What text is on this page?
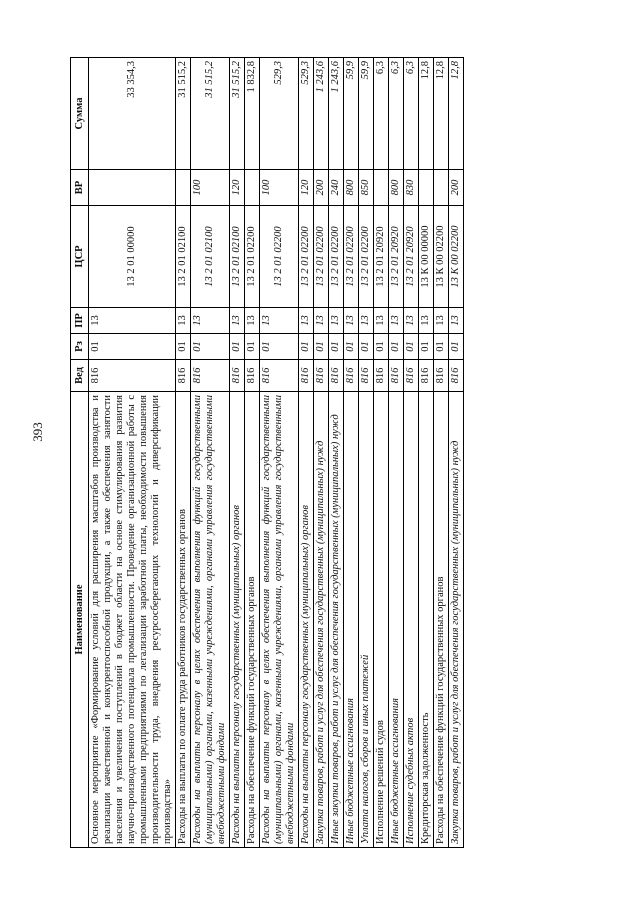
393
Наименование	Вед	Рз	ПР	ЦСР	ВР	Сумма
Основное мероприятие «Формирование условий для расширения масштабов производства и реализации качественной и конкурентоспособной продукции, а также обеспечения занятости населения и увеличения поступлений в бюджет области на основе стимулирования развития научно-производственного потенциала промышленности. Проведение организационной работы с промышленными предприятиями по легализации заработной платы, необходимости повышения производительности труда, внедрения ресурсосберегающих технологий и диверсификации производства»	816	01	13	13 2 01 00000		33 354,3
Расходы на выплаты по оплате труда работников государственных органов	816	01	13	13 2 01 02100		31 515,2
Расходы на выплаты персоналу в целях обеспечения выполнения функций государственными (муниципальными) органами, казенными учреждениями, органами управления государственными внебюджетными фондами	816	01	13	13 2 01 02100	100	31 515,2
Расходы на выплаты персоналу государственных (муниципальных) органов	816	01	13	13 2 01 02100	120	31 515,2
Расходы на обеспечение функций государственных органов	816	01	13	13 2 01 02200		1 832,8
Расходы на выплаты персоналу в целях обеспечения выполнения функций государственными (муниципальными) органами, казенными учреждениями, органами управления государственными внебюджетными фондами	816	01	13	13 2 01 02200	100	529,3
Расходы на выплаты персоналу государственных (муниципальных) органов	816	01	13	13 2 01 02200	120	529,3
Закупка товаров, работ и услуг для обеспечения государственных (муниципальных) нужд	816	01	13	13 2 01 02200	200	1 243,6
Иные закупки товаров, работ и услуг для обеспечения государственных (муниципальных) нужд	816	01	13	13 2 01 02200	240	1 243,6
Иные бюджетные ассигнования	816	01	13	13 2 01 02200	800	59,9
Уплата налогов, сборов и иных платежей	816	01	13	13 2 01 02200	850	59,9
Исполнение решений судов	816	01	13	13 2 01 20920		6,3
Иные бюджетные ассигнования	816	01	13	13 2 01 20920	800	6,3
Исполнение судебных актов	816	01	13	13 2 01 20920	830	6,3
Кредиторская задолженность	816	01	13	13 К 00 00000		12,8
Расходы на обеспечение функций государственных органов	816	01	13	13 К 00 02200		12,8
Закупка товаров, работ и услуг для обеспечения государственных (муниципальных) нужд	816	01	13	13 К 00 02200	200	12,8
